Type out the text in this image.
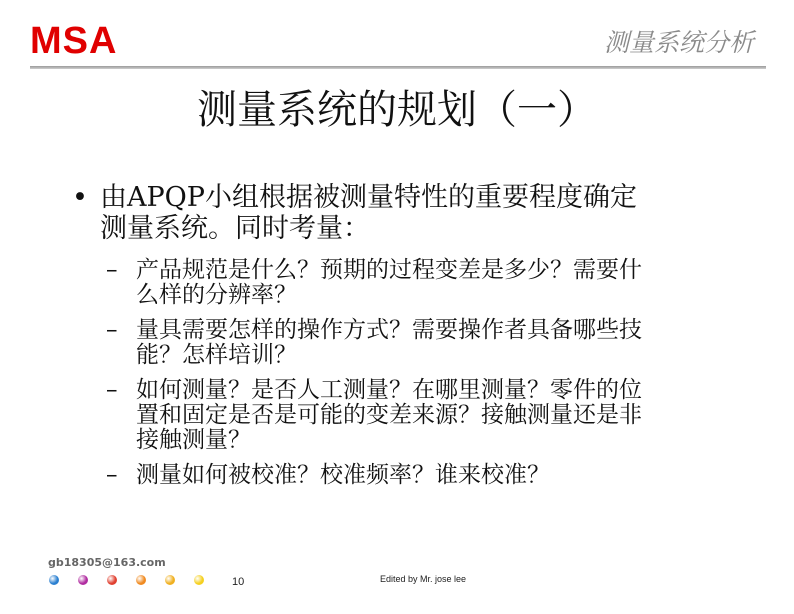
MSA	测量系统分析
测量系统的规划（一）
• 由APQP小组根据被测量特性的重要程度确定
测量系统。同时考量：
– 产品规范是什么？预期的过程变差是多少？需要什
么样的分辨率？
– 量具需要怎样的操作方式？需要操作者具备哪些技
能？怎样培训？
– 如何测量？是否人工测量？在哪里测量？零件的位
置和固定是否是可能的变差来源？接触测量还是非
接触测量？
– 测量如何被校准？校准频率？谁来校准？
gb18305@163.com
10	Edited by Mr. jose lee
